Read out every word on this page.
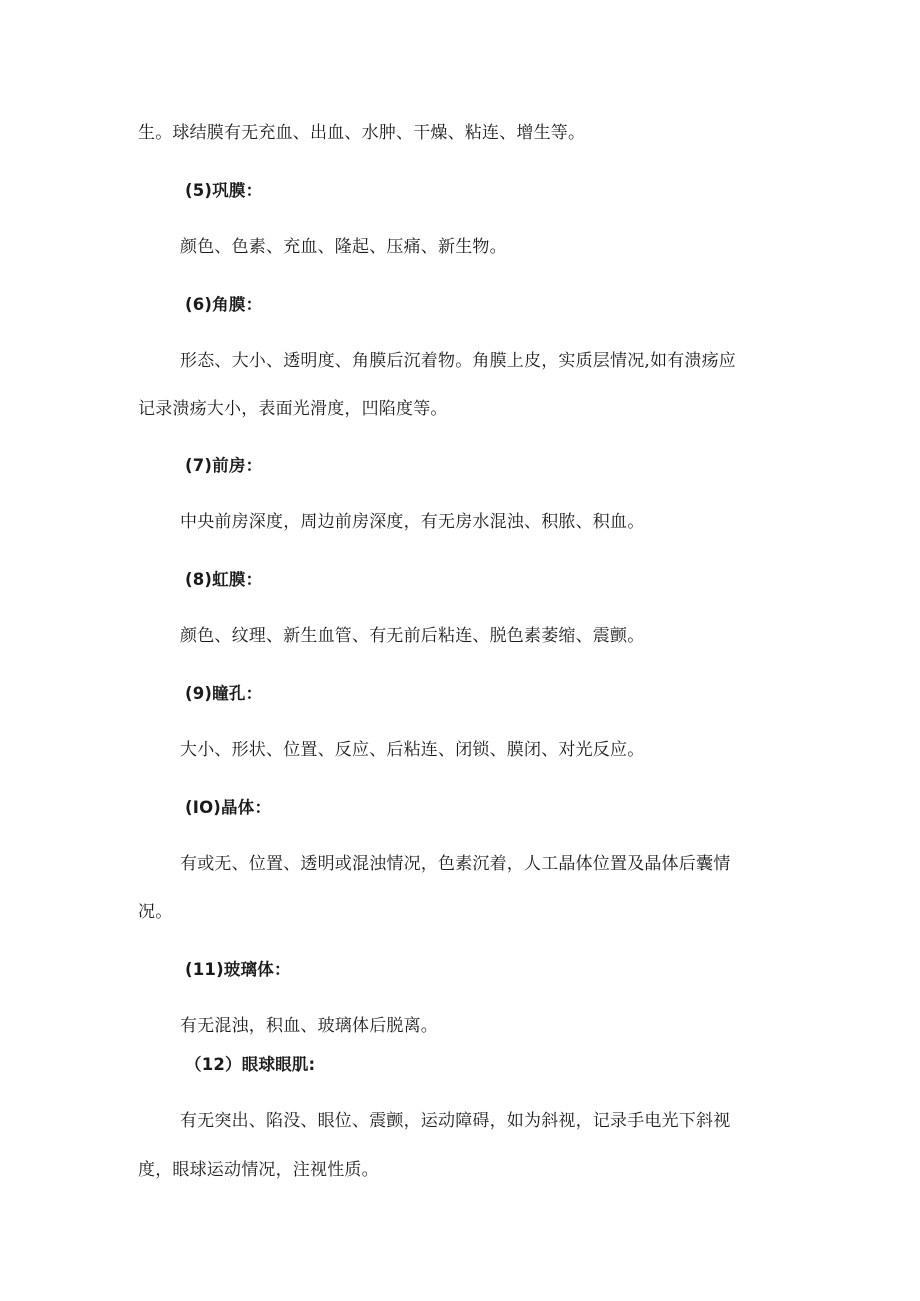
生。球结膜有无充血、出血、水肿、干燥、粘连、增生等。
(5)巩膜：
颜色、色素、充血、隆起、压痛、新生物。
(6)角膜：
形态、大小、透明度、角膜后沉着物。角膜上皮，实质层情况,如有溃疡应
记录溃疡大小，表面光滑度，凹陷度等。
(7)前房：
中央前房深度，周边前房深度，有无房水混浊、积脓、积血。
(8)虹膜：
颜色、纹理、新生血管、有无前后粘连、脱色素萎缩、震颤。
(9)瞳孔：
大小、形状、位置、反应、后粘连、闭锁、膜闭、对光反应。
(IO)晶体：
有或无、位置、透明或混浊情况，色素沉着，人工晶体位置及晶体后囊情
况。
(11)玻璃体：
有无混浊，积血、玻璃体后脱离。
（12）眼球眼肌:
有无突出、陷没、眼位、震颤，运动障碍，如为斜视，记录手电光下斜视
度，眼球运动情况，注视性质。
